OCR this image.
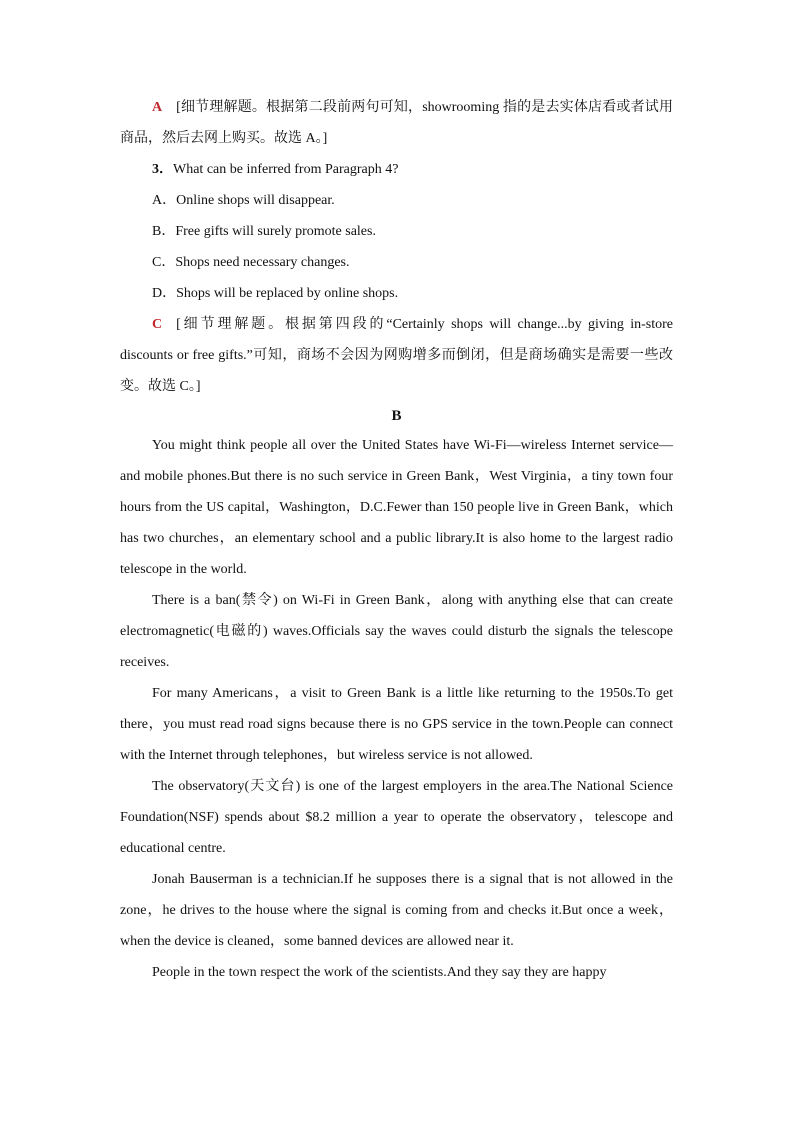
A [细节理解题。根据第二段前两句可知，showrooming 指的是去实体店看或者试用商品，然后去网上购买。故选 A。]

3．What can be inferred from Paragraph 4?

A．Online shops will disappear.

B．Free gifts will surely promote sales.

C．Shops need necessary changes.

D．Shops will be replaced by online shops.

C [细节理解题。根据第四段的“Certainly shops will change...by giving in-store discounts or free gifts.”可知，商场不会因为网购增多而倒闭，但是商场确实是需要一些改变。故选 C。]

B

You might think people all over the United States have Wi-Fi—wireless Internet service—and mobile phones.But there is no such service in Green Bank，West Virginia，a tiny town four hours from the US capital，Washington，D.C.Fewer than 150 people live in Green Bank，which has two churches，an elementary school and a public library.It is also home to the largest radio telescope in the world.

There is a ban(禁令) on Wi-Fi in Green Bank，along with anything else that can create electromagnetic(电磁的) waves.Officials say the waves could disturb the signals the telescope receives.

For many Americans，a visit to Green Bank is a little like returning to the 1950s.To get there，you must read road signs because there is no GPS service in the town.People can connect with the Internet through telephones，but wireless service is not allowed.

The observatory(天文台) is one of the largest employers in the area.The National Science Foundation(NSF) spends about $8.2 million a year to operate the observatory，telescope and educational centre.

Jonah Bauserman is a technician.If he supposes there is a signal that is not allowed in the zone，he drives to the house where the signal is coming from and checks it.But once a week，when the device is cleaned，some banned devices are allowed near it.

People in the town respect the work of the scientists.And they say they are happy
